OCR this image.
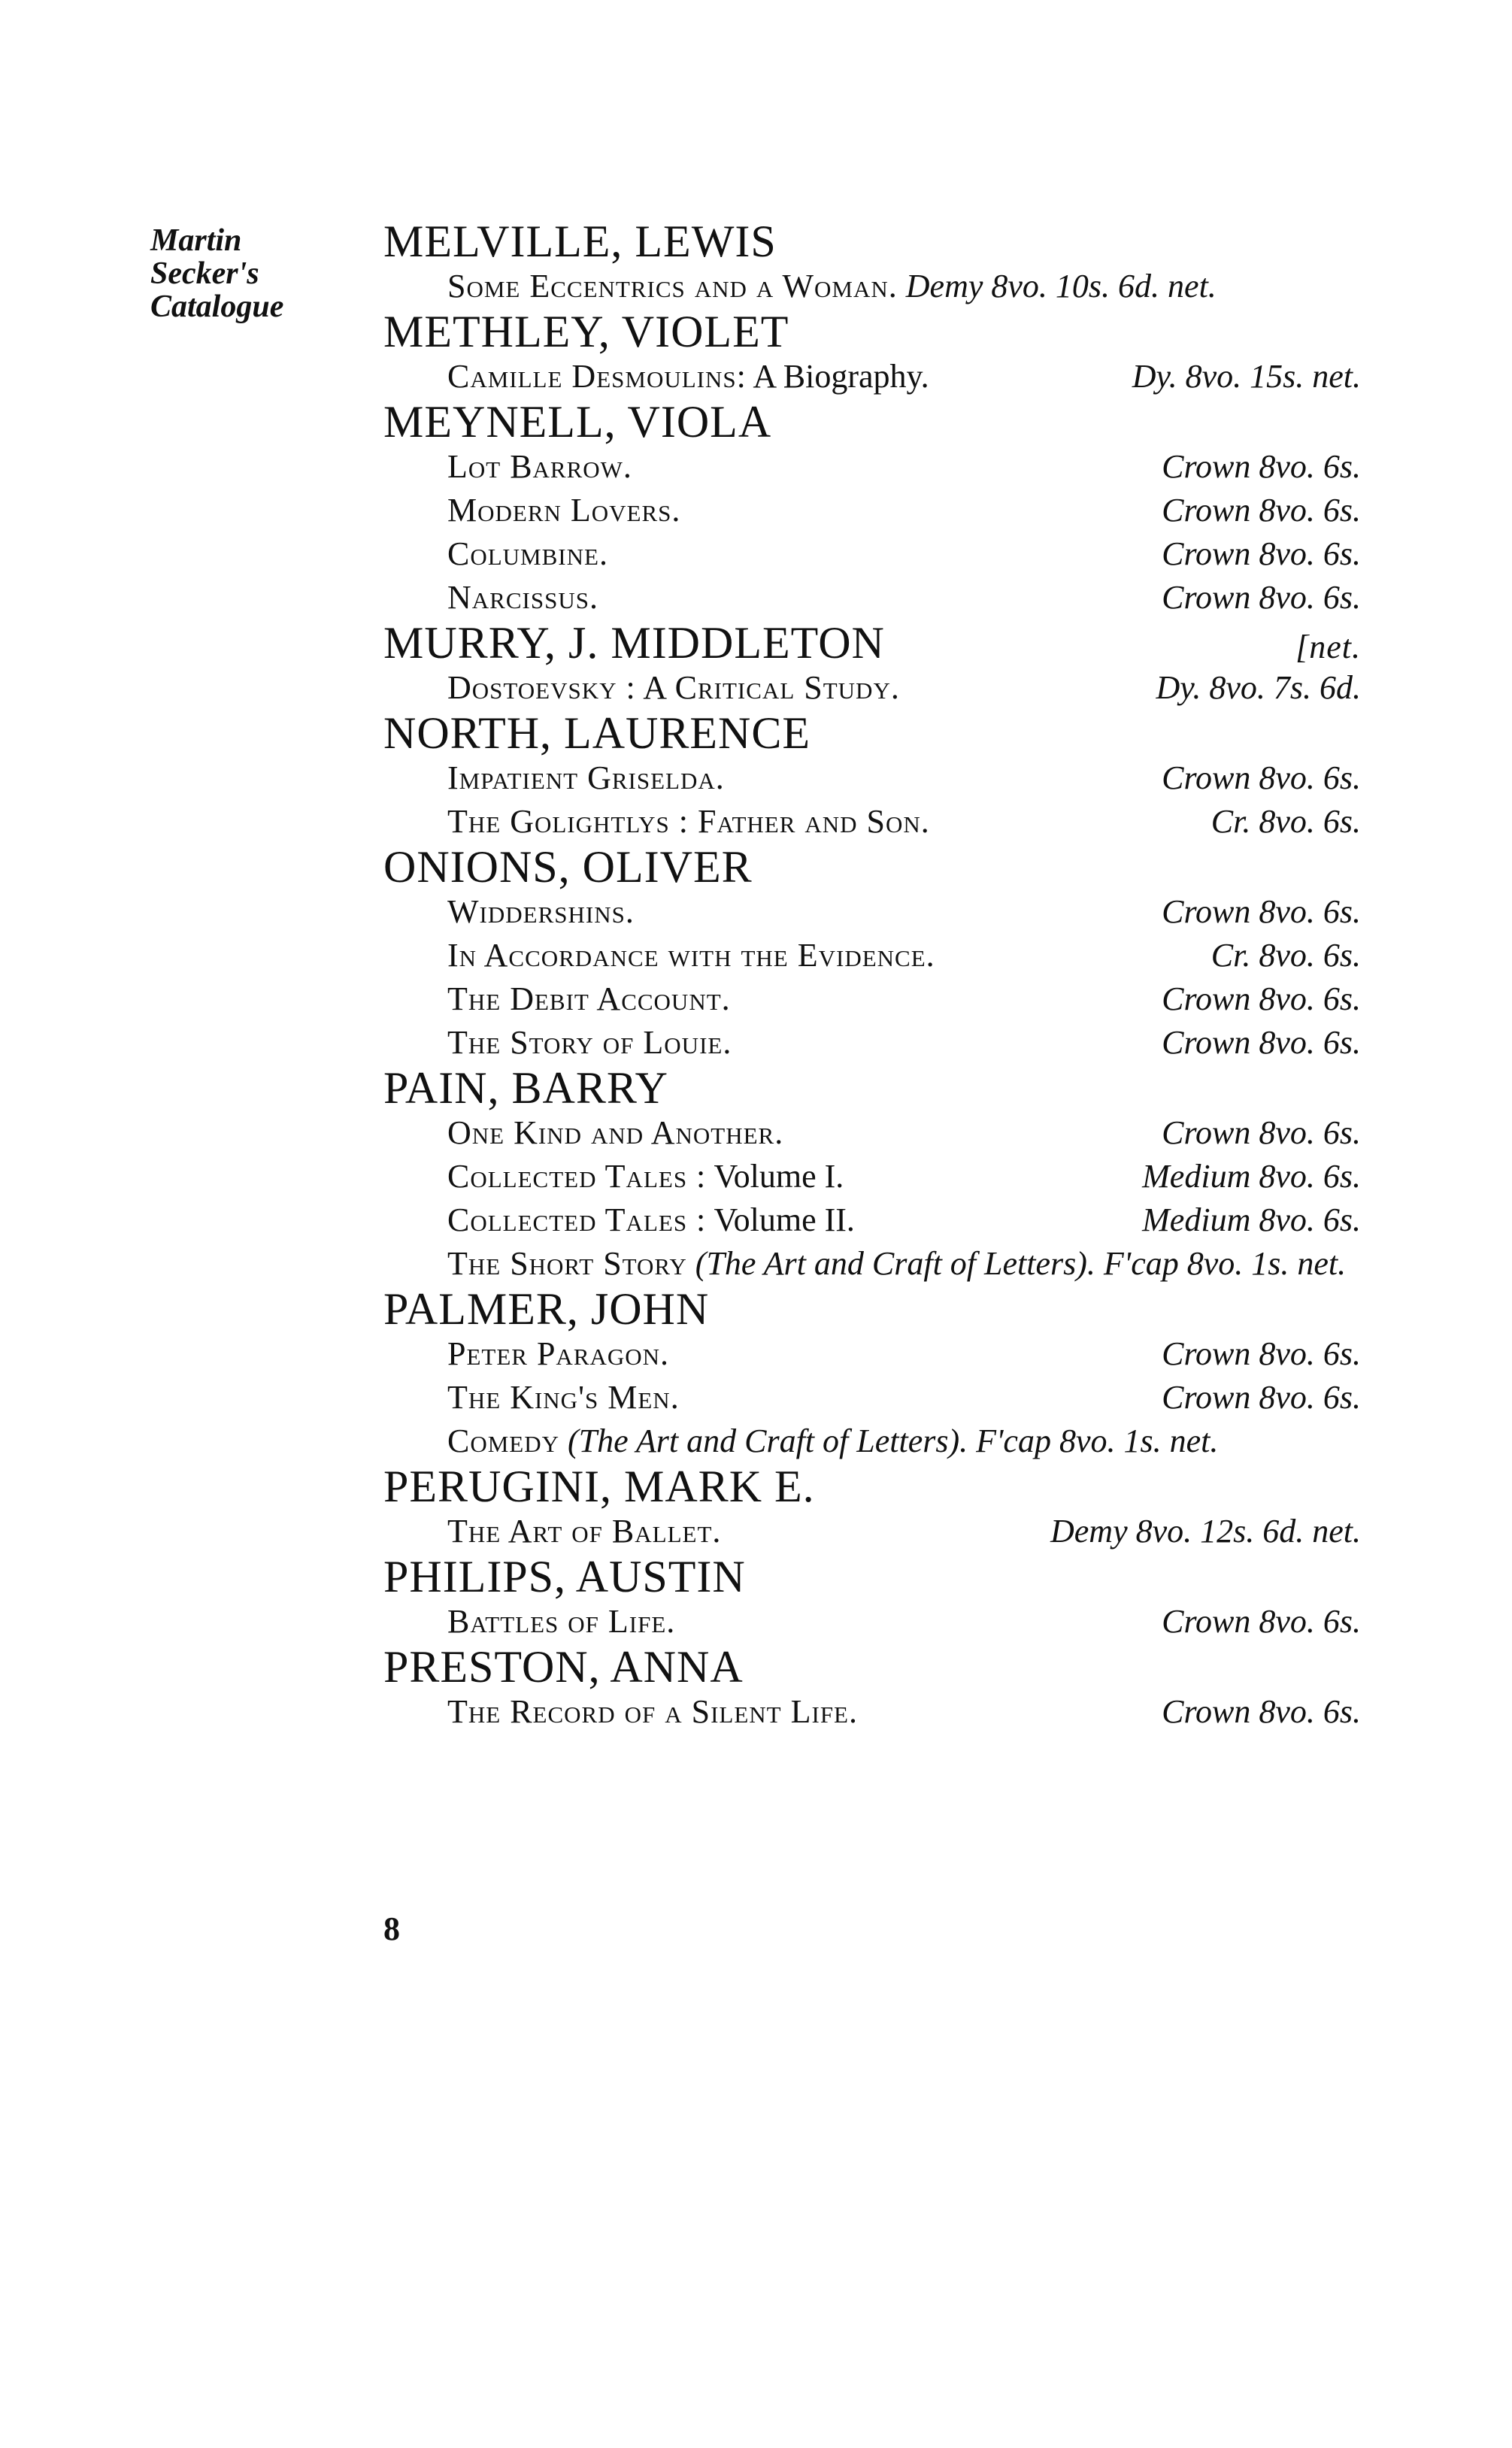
Martin
Secker's
Catalogue
MELVILLE, LEWIS
Some Eccentrics and a Woman. Demy 8vo. 10s. 6d. net.
METHLEY, VIOLET
Camille Desmoulins: A Biography.	Dy. 8vo. 15s. net.
MEYNELL, VIOLA
Lot Barrow.	Crown 8vo. 6s.
Modern Lovers.	Crown 8vo. 6s.
Columbine.	Crown 8vo. 6s.
Narcissus.	Crown 8vo. 6s.
MURRY, J. MIDDLETON	[net.
Dostoevsky : A Critical Study.	Dy. 8vo. 7s. 6d.
NORTH, LAURENCE
Impatient Griselda.	Crown 8vo. 6s.
The Golightlys : Father and Son.	Cr. 8vo. 6s.
ONIONS, OLIVER
Widdershins.	Crown 8vo. 6s.
In Accordance with the Evidence.	Cr. 8vo. 6s.
The Debit Account.	Crown 8vo. 6s.
The Story of Louie.	Crown 8vo. 6s.
PAIN, BARRY
One Kind and Another.	Crown 8vo. 6s.
Collected Tales : Volume I.	Medium 8vo. 6s.
Collected Tales : Volume II.	Medium 8vo. 6s.
The Short Story (The Art and Craft of Letters). F'cap 8vo. 1s. net.
PALMER, JOHN
Peter Paragon.	Crown 8vo. 6s.
The King's Men.	Crown 8vo. 6s.
Comedy (The Art and Craft of Letters). F'cap 8vo. 1s. net.
PERUGINI, MARK E.
The Art of Ballet.	Demy 8vo. 12s. 6d. net.
PHILIPS, AUSTIN
Battles of Life.	Crown 8vo. 6s.
PRESTON, ANNA
The Record of a Silent Life.	Crown 8vo. 6s.
8
